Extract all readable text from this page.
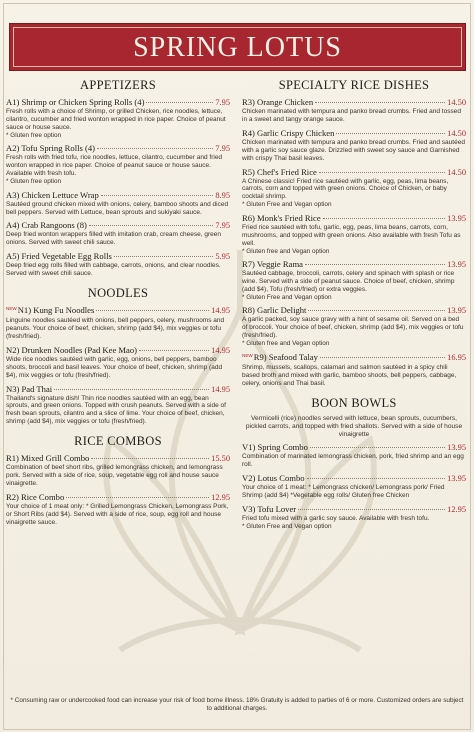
SPRING LOTUS
APPETIZERS
A1) Shrimp or Chicken Spring Rolls (4)	7.95
Fresh rolls with a choice of Shrimp, or grilled Chicken, rice noodles, lettuce, cilantro, cucumber and fried wonton wrapped in rice paper. Choice of peanut sauce or house sauce.
* Gluten free option
A2) Tofu Spring Rolls (4)	7.95
Fresh rolls with fried tofu, rice noodles, lettuce, cilantro, cucumber and fried wonton wrapped in rice paper. Choice of peanut sauce or house sauce. Available with fresh tofu.
* Gluten free option
A3) Chicken Lettuce Wrap	8.95
Sautéed ground chicken mixed with onions, celery, bamboo shoots and diced bell peppers. Served with Lettuce, bean sprouts and sukiyaki sauce.
A4) Crab Rangoons (8)	7.95
Deep fried wonton wrappers filled with imitation crab, cream cheese, green onions. Served with sweet chili sauce.
A5) Fried Vegetable Egg Rolls	5.95
Deep fried egg rolls filled with cabbage, carrots, onions, and clear noodles. Served with sweet chili sauce.
NOODLES
NEW N1) Kung Fu Noodles	14.95
Linguine noodles sautéed with onions, bell peppers, celery, mushrooms and peanuts. Your choice of beef, chicken, shrimp (add $4), mix veggies or tofu (fresh/fried).
N2) Drunken Noodles (Pad Kee Mao)	14.95
Wide rice noodles sautéed with garlic, egg, onions, bell peppers, bamboo shoots, broccoli and basil leaves. Your choice of beef, chicken, shrimp (add $4), mix veggies or tofu (fresh/fried).
N3) Pad Thai	14.95
Thailand's signature dish! Thin rice noodles sautéed with an egg, bean sprouts, and green onions. Topped with crush peanuts. Served with a side of fresh bean sprouts, cilantro and a slice of lime. Your choice of beef, chicken, shrimp (add $4), mix veggies or tofu (fresh/fried).
RICE COMBOS
R1) Mixed Grill Combo	15.50
Combination of beef short ribs, grilled lemongrass chicken, and lemongrass pork. Served with a side of rice, soup, vegetable egg roll and house sauce vinaigrette.
R2) Rice Combo	12.95
Your choice of 1 meat only: * Grilled Lemongrass Chicken, Lemongrass Pork, or Short Ribs (add $4). Served with a side of rice, soup, egg roll and house vinaigrette sauce.
SPECIALTY RICE DISHES
R3) Orange Chicken	14.50
Chicken marinated with tempura and panko bread crumbs. Fried and tossed in a sweet and tangy orange sauce.
R4) Garlic Crispy Chicken	14.50
Chicken marinated with tempura and panko bread crumbs. Fried and sautéed with a garlic soy sauce glaze. Drizzled with sweet soy sauce and Garnished with crispy Thai basil leaves.
R5) Chef's Fried Rice	14.50
A Chinese classic! Fried rice sautéed with garlic, egg, peas, lima beans, carrots, corn and topped with green onions. Choice of Chicken, or baby cocktail shrimp.
* Gluten Free and Vegan option
R6) Monk's Fried Rice	13.95
Fried rice sautéed with tofu, garlic, egg, peas, lima beans, carrots, corn, mushrooms, and topped with green onions. Also available with fresh Tofu as well.
* Gluten free and Vegan option
R7) Veggie Rama	13.95
Sautéed cabbage, broccoli, carrots, celery and spinach with splash or rice wine. Served with a side of peanut sauce. Choice of beef, chicken, shrimp (add $4), Tofu (fresh/fried) or extra veggies.
* Gluten Free and Vegan option
R8) Garlic Delight	13.95
A garlic packed, soy sauce gravy with a hint of sesame oil. Served on a bed of broccoli. Your choice of beef, chicken, shrimp (add $4), mix veggies or tofu (fresh/fried).
* Gluten free and Vegan option
NEW R9) Seafood Talay	16.95
Shrimp, mussels, scallops, calamari and salmon sautéed in a spicy chili based broth and mixed with garlic, bamboo shoots, bell peppers, cabbage, celery, onions and Thai basil.
BOON BOWLS
Vermicelli (rice) noodles served with lettuce, bean sprouts, cucumbers, pickled carrots, and topped with fried shallots. Served with a side of house vinaigrette
V1) Spring Combo	13.95
Combination of marinated lemongrass chicken, pork, fried shrimp and an egg roll.
V2) Lotus Combo	13.95
Your choice of 1 meat: * Lemongrass chicken/ Lemongrass pork/ Fried Shrimp (add $4) *Vegetable egg rolls/ Gluten free Chicken
V3) Tofu Lover	12.95
Fried tofu mixed with a garlic soy sauce. Available with fresh tofu.
* Gluten Free and Vegan option
* Consuming raw or undercooked food can increase your risk of food borne illness. 18% Gratuity is added to parties of 6 or more. Customized orders are subject to additional charges.
